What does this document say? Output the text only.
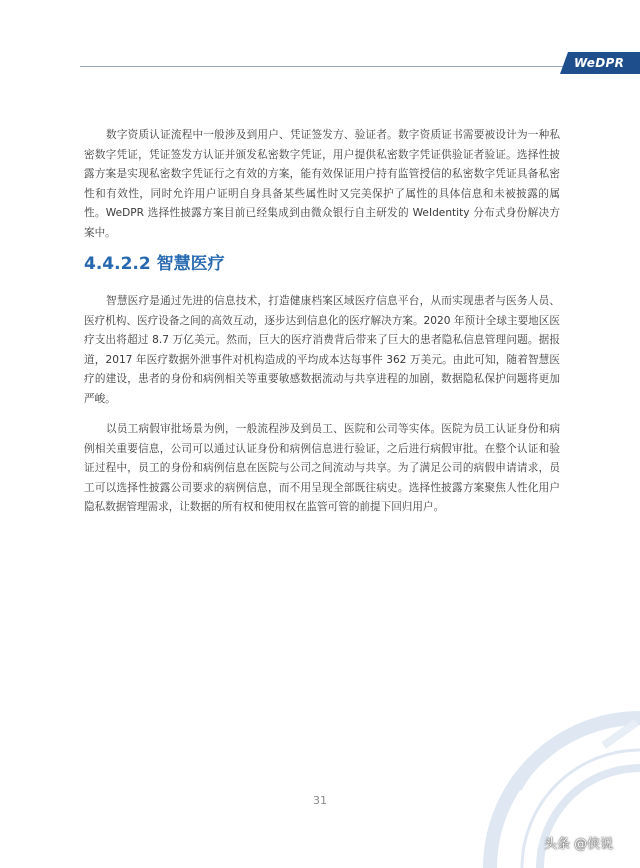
WeDPR

数字资质认证流程中一般涉及到用户、凭证签发方、验证者。数字资质证书需要被设计为一种私密数字凭证，凭证签发方认证并颁发私密数字凭证，用户提供私密数字凭证供验证者验证。选择性披露方案是实现私密数字凭证行之有效的方案，能有效保证用户持有监管授信的私密数字凭证具备私密性和有效性，同时允许用户证明自身具备某些属性时又完美保护了属性的具体信息和未被披露的属性。WeDPR 选择性披露方案目前已经集成到由微众银行自主研发的 WeIdentity 分布式身份解决方案中。

4.4.2.2 智慧医疗

智慧医疗是通过先进的信息技术，打造健康档案区域医疗信息平台，从而实现患者与医务人员、医疗机构、医疗设备之间的高效互动，逐步达到信息化的医疗解决方案。2020 年预计全球主要地区医疗支出将超过 8.7 万亿美元。然而，巨大的医疗消费背后带来了巨大的患者隐私信息管理问题。据报道，2017 年医疗数据外泄事件对机构造成的平均成本达每事件 362 万美元。由此可知，随着智慧医疗的建设，患者的身份和病例相关等重要敏感数据流动与共享进程的加剧，数据隐私保护问题将更加严峻。

以员工病假审批场景为例，一般流程涉及到员工、医院和公司等实体。医院为员工认证身份和病例相关重要信息，公司可以通过认证身份和病例信息进行验证，之后进行病假审批。在整个认证和验证过程中，员工的身份和病例信息在医院与公司之间流动与共享。为了满足公司的病假申请请求，员工可以选择性披露公司要求的病例信息，而不用呈现全部既往病史。选择性披露方案聚焦人性化用户隐私数据管理需求，让数据的所有权和使用权在监管可管的前提下回归用户。

31
头条 @侠说
